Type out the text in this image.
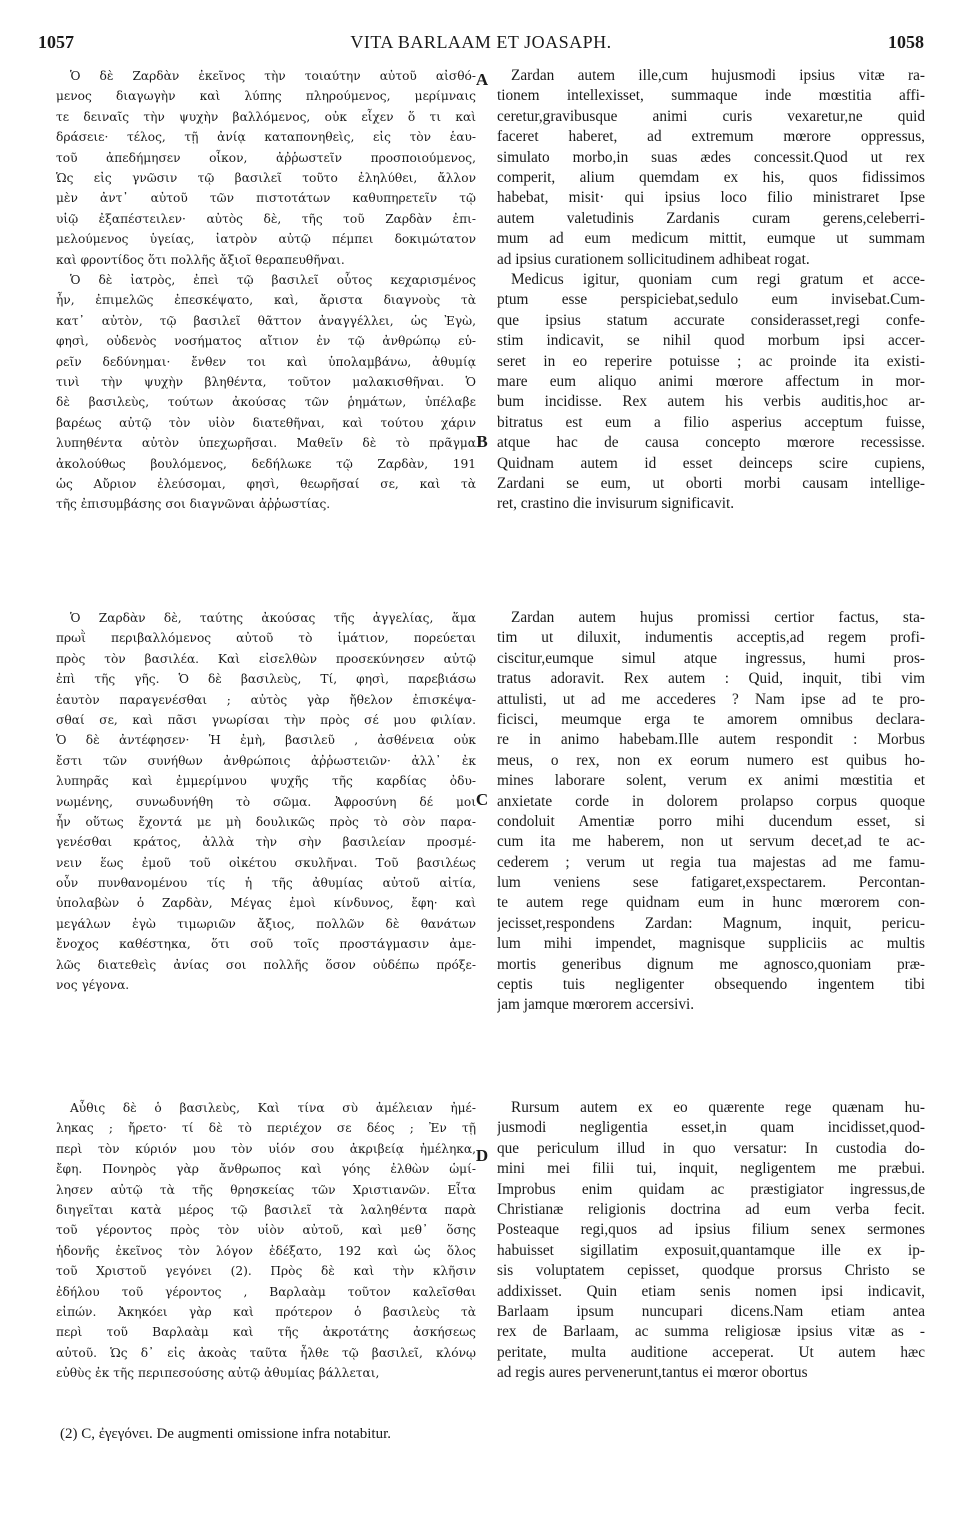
1057	VITA BARLAAM ET JOASAPH.	1058
A
B
C
D
Ὁ δὲ Ζαρδὰν ἐκεῖνος τὴν τοιαύτην αὐτοῦ αἰσθό-
μενος διαγωγὴν καὶ λύπης πληρούμενος, μερίμναις
τε δειναῖς τὴν ψυχὴν βαλλόμενος, οὐκ εἶχεν ὅ τι καὶ
δράσειε· τέλος, τῇ ἀνίᾳ καταπονηθεὶς, εἰς τὸν ἑαυ-
τοῦ ἀπεδήμησεν οἶκον, ἀῤῥωστεῖν προσποιούμενος,
Ὡς εἰς γνῶσιν τῷ βασιλεῖ τοῦτο ἐληλύθει, ἄλλον
μὲν ἀντ᾽ αὐτοῦ τῶν πιστοτάτων καθυπηρετεῖν τῷ
υἱῷ ἐξαπέστειλεν· αὐτὸς δὲ, τῆς τοῦ Ζαρδὰν ἐπι-
μελούμενος ὑγείας, ἰατρὸν αὐτῷ πέμπει δοκιμώτατον
καὶ φροντίδος ὅτι πολλῆς ἄξιοῖ θεραπευθῆναι.
Ὁ δὲ ἰατρὸς, ἐπεὶ τῷ βασιλεῖ οὗτος κεχαρισμένος
ἦν, ἐπιμελῶς ἐπεσκέψατο, καὶ, ἄριστα διαγνοὺς τὰ
κατ᾽ αὐτὸν, τῷ βασιλεῖ θᾶττον ἀναγγέλλει, ὡς Ἐγὼ,
φησὶ, οὐδενὸς νοσήματος αἴτιον ἐν τῷ ἀνθρώπῳ εὑ-
ρεῖν δεδύνημαι· ἔνθεν τοι καὶ ὑπολαμβάνω, ἀθυμίᾳ
τινὶ τὴν ψυχὴν βληθέντα, τοῦτον μαλακισθῆναι. Ὁ
δὲ βασιλεὺς, τούτων ἀκούσας τῶν ῥημάτων, ὑπέλαβε
βαρέως αὐτῷ τὸν υἱὸν διατεθῆναι, καὶ τούτου χάριν
λυπηθέντα αὐτὸν ὑπεχωρῆσαι. Μαθεῖν δὲ τὸ πρᾶγμα
ἀκολούθως βουλόμενος, δεδήλωκε τῷ Ζαρδὰν, 191
ὡς Αὔριον ἐλεύσομαι, φησὶ, θεωρῆσαί σε, καὶ τὰ
τῆς ἐπισυμβάσης σοι διαγνῶναι ἀῤῥωστίας.
Ὁ Ζαρδὰν δὲ, ταύτης ἀκούσας τῆς ἀγγελίας, ἅμα
πρωῒ περιβαλλόμενος αὐτοῦ τὸ ἱμάτιον, πορεύεται
πρὸς τὸν βασιλέα. Καὶ εἰσελθὼν προσεκύνησεν αὐτῷ
ἐπὶ τῆς γῆς. Ὁ δὲ βασιλεὺς, Τί, φησὶ, παρεβιάσω
ἑαυτὸν παραγενέσθαι ; αὐτὸς γὰρ ἤθελον ἐπισκέψα-
σθαί σε, καὶ πᾶσι γνωρίσαι τὴν πρὸς σέ μου φιλίαν.
Ὁ δὲ ἀντέφησεν· Ἡ ἐμὴ, βασιλεῦ , ἀσθένεια οὐκ
ἔστι τῶν συνήθων ἀνθρώποις ἀῤῥωστειῶν· ἀλλ᾽ ἐκ
λυπηρᾶς καὶ ἐμμερίμνου ψυχῆς τῆς καρδίας ὀδυ-
νωμένης, συνωδυνήθη τὸ σῶμα. Ἀφροσύνη δέ μοι
ἦν οὕτως ἔχοντά με μὴ δουλικῶς πρὸς τὸ σὸν παρα-
γενέσθαι κράτος, ἀλλὰ τὴν σὴν βασιλείαν προσμέ-
νειν ἕως ἐμοῦ τοῦ οἰκέτου σκυλῆναι. Τοῦ βασιλέως
οὖν πυνθανομένου τίς ἡ τῆς ἀθυμίας αὐτοῦ αἰτία,
ὑπολαβὼν ὁ Ζαρδὰν, Μέγας ἐμοὶ κίνδυνος, ἔφη· καὶ
μεγάλων ἐγὼ τιμωριῶν ἄξιος, πολλῶν δὲ θανάτων
ἔνοχος καθέστηκα, ὅτι σοῦ τοῖς προστάγμασιν ἀμε-
λῶς διατεθεὶς ἀνίας σοι πολλῆς ὅσον οὐδέπω πρόξε-
νος γέγονα.
Αὖθις δὲ ὁ βασιλεὺς, Καὶ τίνα σὺ ἀμέλειαν ἠμέ-
ληκας ; ἤρετο· τί δὲ τὸ περιέχον σε δέος ; Ἐν τῇ
περὶ τὸν κύριόν μου τὸν υἱόν σου ἀκριβείᾳ ἠμέληκα,
ἔφη. Πονηρὸς γὰρ ἄνθρωπος καὶ γόης ἐλθὼν ὡμί-
λησεν αὐτῷ τὰ τῆς θρησκείας τῶν Χριστιανῶν. Εἶτα
διηγεῖται κατὰ μέρος τῷ βασιλεῖ τὰ λαληθέντα παρὰ
τοῦ γέροντος πρὸς τὸν υἱὸν αὐτοῦ, καὶ μεθ᾽ ὅσης
ἡδονῆς ἐκεῖνος τὸν λόγον ἐδέξατο, 192 καὶ ὡς ὅλος
τοῦ Χριστοῦ γεγόνει (2). Πρὸς δὲ καὶ τὴν κλῆσιν
ἐδήλου τοῦ γέροντος , Βαρλαὰμ τοῦτον καλεῖσθαι
εἰπών. Ἀκηκόει γὰρ καὶ πρότερον ὁ βασιλεὺς τὰ
περὶ τοῦ Βαρλαὰμ καὶ τῆς ἀκροτάτης ἀσκήσεως
αὐτοῦ. Ὡς δ᾽ εἰς ἀκοὰς ταῦτα ἦλθε τῷ βασιλεῖ, κλόνῳ
εὐθὺς ἐκ τῆς περιπεσούσης αὐτῷ ἀθυμίας βάλλεται,
Zardan autem ille,cum hujusmodi ipsius vitæ ra-
tionem intellexisset, summaque inde mœstitia affi-
ceretur,gravibusque animi curis vexaretur,ne quid
faceret haberet, ad extremum mœrore oppressus,
simulato morbo,in suas ædes concessit.Quod ut rex
comperit, alium quemdam ex his, quos fidissimos
habebat, misit· qui ipsius loco filio ministraret Ipse
autem valetudinis Zardanis curam gerens,celeberri-
mum ad eum medicum mittit, eumque ut summam
ad ipsius curationem sollicitudinem adhibeat rogat.
Medicus igitur, quoniam cum regi gratum et acce-
ptum esse perspiciebat,sedulo eum invisebat.Cum-
que ipsius statum accurate considerasset,regi confe-
stim indicavit, se nihil quod morbum ipsi accer-
seret in eo reperire potuisse ; ac proinde ita existi-
mare eum aliquo animi mœrore affectum in mor-
bum incidisse. Rex autem his verbis auditis,hoc ar-
bitratus est eum a filio asperius acceptum fuisse,
atque hac de causa concepto mœrore recessisse.
Quidnam autem id esset deinceps scire cupiens,
Zardani se eum, ut oborti morbi causam intellige-
ret, crastino die invisurum significavit.
Zardan autem hujus promissi certior factus, sta-
tim ut diluxit, indumentis acceptis,ad regem profi-
ciscitur,eumque simul atque ingressus, humi pros-
tratus adoravit. Rex autem : Quid, inquit, tibi vim
attulisti, ut ad me accederes ? Nam ipse ad te pro-
ficisci, meumque erga te amorem omnibus declara-
re in animo habebam.Ille autem respondit : Morbus
meus, o rex, non ex eorum numero est quibus ho-
mines laborare solent, verum ex animi mœstitia et
anxietate corde in dolorem prolapso corpus quoque
condoluit Amentiæ porro mihi ducendum esset, si
cum ita me haberem, non ut servum decet,ad te ac-
cederem ; verum ut regia tua majestas ad me famu-
lum veniens sese fatigaret,exspectarem. Percontan-
te autem rege quidnam eum in hunc mœrorem con-
jecisset,respondens Zardan: Magnum, inquit, pericu-
lum mihi impendet, magnisque suppliciis ac multis
mortis generibus dignum me agnosco,quoniam præ-
ceptis tuis negligenter obsequendo ingentem tibi
jam jamque mœrorem accersivi.
Rursum autem ex eo quærente rege quænam hu-
jusmodi negligentia esset,in quam incidisset,quod-
que periculum illud in quo versatur: In custodia do-
mini mei filii tui, inquit, negligentem me præbui.
Improbus enim quidam ac præstigiator ingressus,de
Christianæ religionis doctrina ad eum verba fecit.
Posteaque regi,quos ad ipsius filium senex sermones
habuisset sigillatim exposuit,quantamque ille ex ip-
sis voluptatem cepisset, quodque prorsus Christo se
addixisset. Quin etiam senis nomen ipsi indicavit,
Barlaam ipsum nuncupari dicens.Nam etiam antea
rex de Barlaam, ac summa religiosæ ipsius vitæ as -
peritate, multa auditione acceperat. Ut autem hæc
ad regis aures pervenerunt,tantus ei mœror obortus
(2) C, ἐγεγόνει. De augmenti omissione infra notabitur.
